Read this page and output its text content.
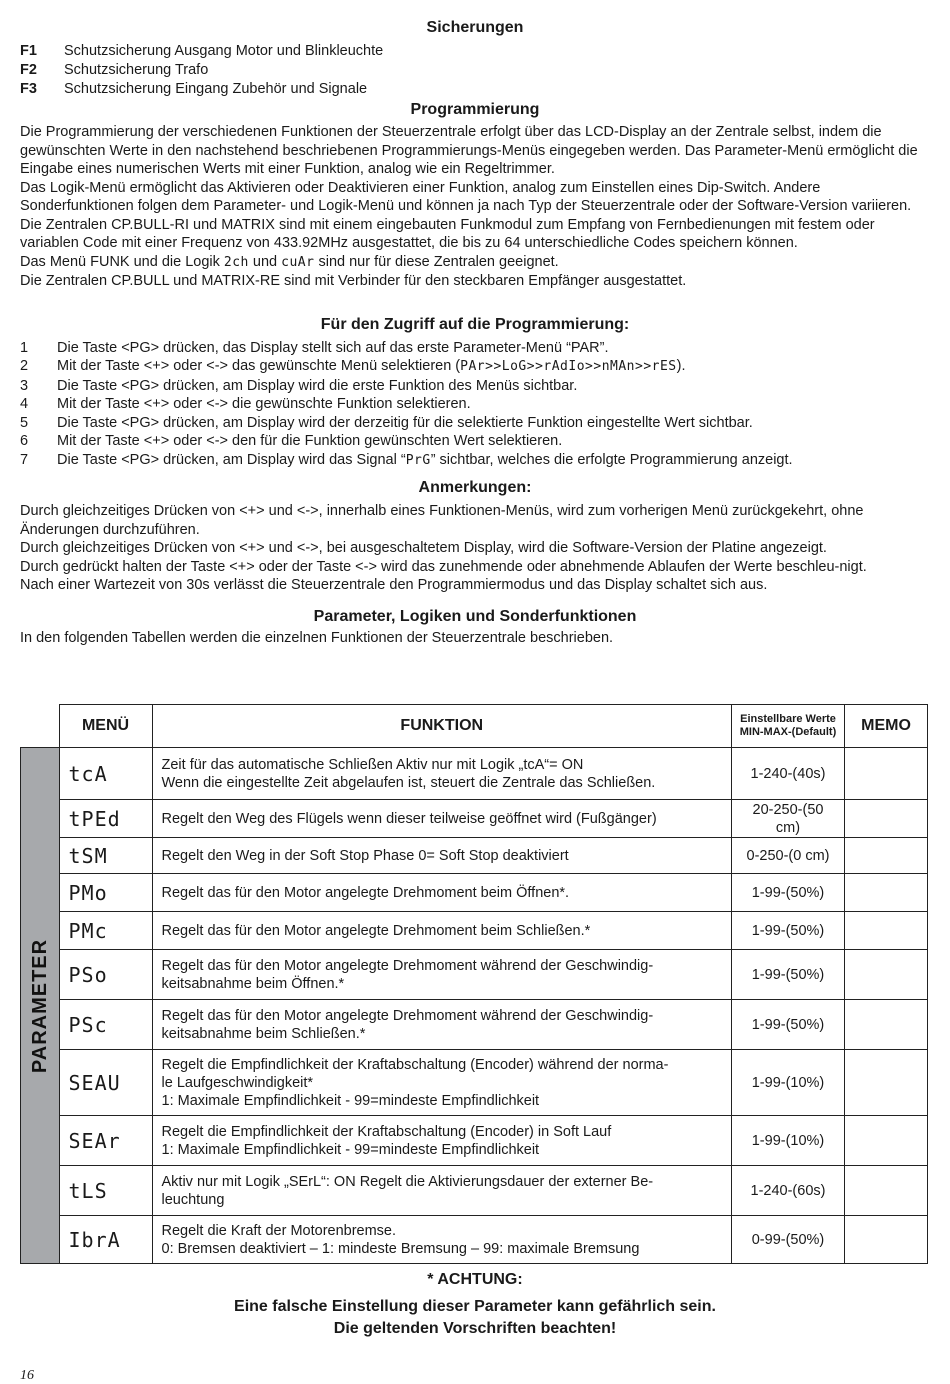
Sicherungen
F1	Schutzsicherung Ausgang Motor und Blinkleuchte
F2	Schutzsicherung Trafo
F3	Schutzsicherung Eingang Zubehör und Signale
Programmierung

Die Programmierung der verschiedenen Funktionen der Steuerzentrale erfolgt über das LCD-Display an der Zentrale selbst, indem die gewünschten Werte in den nachstehend beschriebenen Programmierungs-Menüs eingegeben werden. Das Parameter-Menü ermöglicht die Eingabe eines numerischen Werts mit einer Funktion, analog wie ein Regeltrimmer.

Das Logik-Menü ermöglicht das Aktivieren oder Deaktivieren einer Funktion, analog zum Einstellen eines Dip-Switch. Andere Sonderfunktionen folgen dem Parameter- und Logik-Menü und können ja nach Typ der Steuerzentrale oder der Software-Version variieren.

Die Zentralen CP.BULL-RI und MATRIX sind mit einem eingebauten Funkmodul zum Empfang von Fernbedienungen mit festem oder variablen Code mit einer Frequenz von 433.92MHz ausgestattet, die bis zu 64 unterschiedliche Codes speichern können.

Das Menü FUNK und die Logik 2ch und cuAr sind nur für diese Zentralen geeignet.

Die Zentralen CP.BULL und MATRIX-RE sind mit Verbinder für den steckbaren Empfänger ausgestattet.

Für den Zugriff auf die Programmierung:
1	Die Taste <PG> drücken, das Display stellt sich auf das erste Parameter-Menü “PAR”.
2	Mit der Taste <+> oder <-> das gewünschte Menü selektieren (PAr>>LoG>>rAdIo>>nMAn>>rES).
3	Die Taste <PG> drücken, am Display wird die erste Funktion des Menüs sichtbar.
4	Mit der Taste <+> oder <-> die gewünschte Funktion selektieren.
5	Die Taste <PG> drücken, am Display wird der derzeitig für die selektierte Funktion eingestellte Wert sichtbar.
6	Mit der Taste <+> oder <-> den für die Funktion gewünschten Wert selektieren.
7	Die Taste <PG> drücken, am Display wird das Signal “PrG” sichtbar, welches die erfolgte Programmierung anzeigt.
Anmerkungen:

Durch gleichzeitiges Drücken von <+> und <->, innerhalb eines Funktionen-Menüs, wird zum vorherigen Menü zurückgekehrt, ohne Änderungen durchzuführen.

Durch gleichzeitiges Drücken von <+> und <->, bei ausgeschaltetem Display, wird die Software-Version der Platine angezeigt.

Durch gedrückt halten der Taste <+> oder der Taste <-> wird das zunehmende oder abnehmende Ablaufen der Werte beschleu-nigt.

Nach einer Wartezeit von 30s verlässt die Steuerzentrale den Programmiermodus und das Display schaltet sich aus.

Parameter, Logiken und Sonderfunktionen

In den folgenden Tabellen werden die einzelnen Funktionen der Steuerzentrale beschrieben.

	MENÜ	FUNKTION	Einstellbare Werte
MIN-MAX-(Default)	MEMO

PARAMETER	tcA	Zeit für das automatische Schließen Aktiv nur mit Logik „tcA“= ON
Wenn die eingestellte Zeit abgelaufen ist, steuert die Zentrale das Schließen.	1-240-(40s)	
	tPEd	Regelt den Weg des Flügels wenn dieser teilweise geöffnet wird (Fußgänger)	20-250-(50 cm)	
	tSM	Regelt den Weg in der Soft Stop Phase 0= Soft Stop deaktiviert	0-250-(0 cm)	
	PMo	Regelt das für den Motor angelegte Drehmoment beim Öffnen*.	1-99-(50%)	
	PMc	Regelt das für den Motor angelegte Drehmoment beim Schließen.*	1-99-(50%)	
	PSo	Regelt das für den Motor angelegte Drehmoment während der Geschwindig-
keitsabnahme beim Öffnen.*	1-99-(50%)	
	PSc	Regelt das für den Motor angelegte Drehmoment während der Geschwindig-
keitsabnahme beim Schließen.*	1-99-(50%)	
	SEAU	Regelt die Empfindlichkeit der Kraftabschaltung (Encoder) während der norma-
le Laufgeschwindigkeit*
1: Maximale Empfindlichkeit - 99=mindeste Empfindlichkeit	1-99-(10%)	
	SEAr	Regelt die Empfindlichkeit der Kraftabschaltung (Encoder) in Soft Lauf
1: Maximale Empfindlichkeit - 99=mindeste Empfindlichkeit	1-99-(10%)	
	tLS	Aktiv nur mit Logik „SErL“: ON Regelt die Aktivierungsdauer der externer Be-
leuchtung	1-240-(60s)	
	IbrA	Regelt die Kraft der Motorenbremse.
0: Bremsen deaktiviert – 1: mindeste Bremsung – 99: maximale Bremsung	0-99-(50%)	
* ACHTUNG:
Eine falsche Einstellung dieser Parameter kann gefährlich sein.
Die geltenden Vorschriften beachten!
16
